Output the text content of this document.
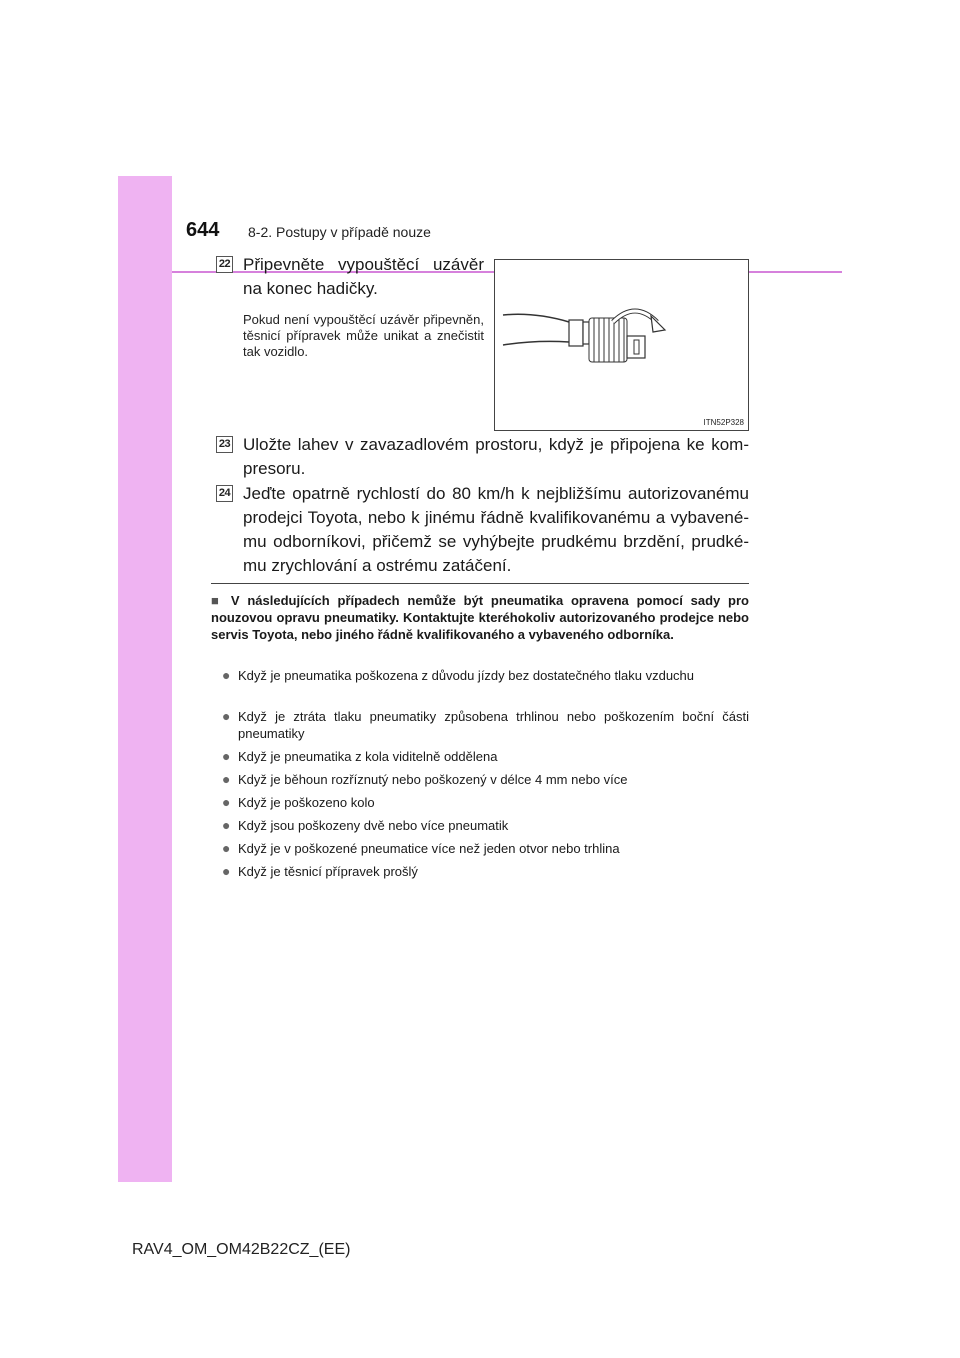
644 8-2. Postupy v případě nouze
22 Připevněte vypouštěcí uzávěr na konec hadičky.
Pokud není vypouštěcí uzávěr připevněn, těsnicí přípravek může unikat a znečistit tak vozidlo.
ITN52P328
23 Uložte lahev v zavazadlovém prostoru, když je připojena ke kompresoru.
24 Jeďte opatrně rychlostí do 80 km/h k nejbližšímu autorizovanému prodejci Toyota, nebo k jinému řádně kvalifikovanému a vybavenému odborníkovi, přičemž se vyhýbejte prudkému brzdění, prudkému zrychlování a ostrému zatáčení.
■ V následujících případech nemůže být pneumatika opravena pomocí sady pro nouzovou opravu pneumatiky. Kontaktujte kteréhokoliv autorizovaného prodejce nebo servis Toyota, nebo jiného řádně kvalifikovaného a vybaveného odborníka.
● Když je pneumatika poškozena z důvodu jízdy bez dostatečného tlaku vzduchu
● Když je ztráta tlaku pneumatiky způsobena trhlinou nebo poškozením boční části pneumatiky
● Když je pneumatika z kola viditelně oddělena
● Když je běhoun rozříznutý nebo poškozený v délce 4 mm nebo více
● Když je poškozeno kolo
● Když jsou poškozeny dvě nebo více pneumatik
● Když je v poškozené pneumatice více než jeden otvor nebo trhlina
● Když je těsnicí přípravek prošlý
RAV4_OM_OM42B22CZ_(EE)
